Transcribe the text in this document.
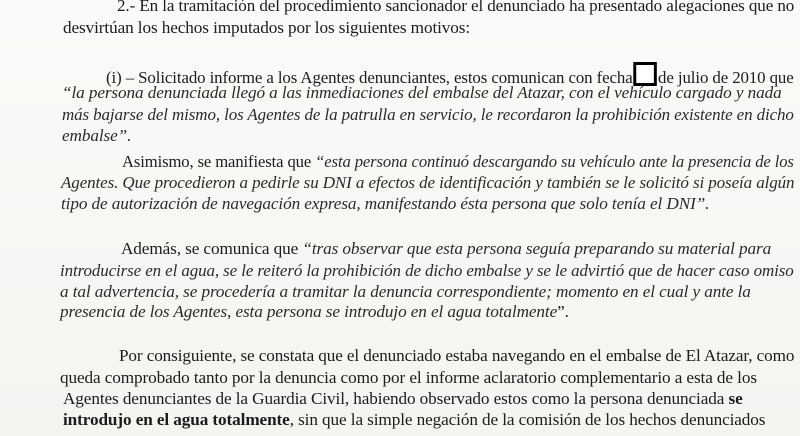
2.- En la tramitación del procedimiento sancionador el denunciado ha presentado alegaciones que no
desvirtúan los hechos imputados por los siguientes motivos:
(i) – Solicitado informe a los Agentes denunciantes, estos comunican con fecha de julio de 2010 que
“la persona denunciada llegó a las inmediaciones del embalse del Atazar, con el vehículo cargado y nada
más bajarse del mismo, los Agentes de la patrulla en servicio, le recordaron la prohibición existente en dicho
embalse”.
Asimismo, se manifiesta que “esta persona continuó descargando su vehículo ante la presencia de los
Agentes. Que procedieron a pedirle su DNI a efectos de identificación y también se le solicitó si poseía algún
tipo de autorización de navegación expresa, manifestando ésta persona que solo tenía el DNI”.
Además, se comunica que “tras observar que esta persona seguía preparando su material para
introducirse en el agua, se le reiteró la prohibición de dicho embalse y se le advirtió que de hacer caso omiso
a tal advertencia, se procedería a tramitar la denuncia correspondiente; momento en el cual y ante la
presencia de los Agentes, esta persona se introdujo en el agua totalmente”.
Por consiguiente, se constata que el denunciado estaba navegando en el embalse de El Atazar, como
queda comprobado tanto por la denuncia como por el informe aclaratorio complementario a esta de los
Agentes denunciantes de la Guardia Civil, habiendo observado estos como la persona denunciada se
introdujo en el agua totalmente, sin que la simple negación de la comisión de los hechos denunciados
